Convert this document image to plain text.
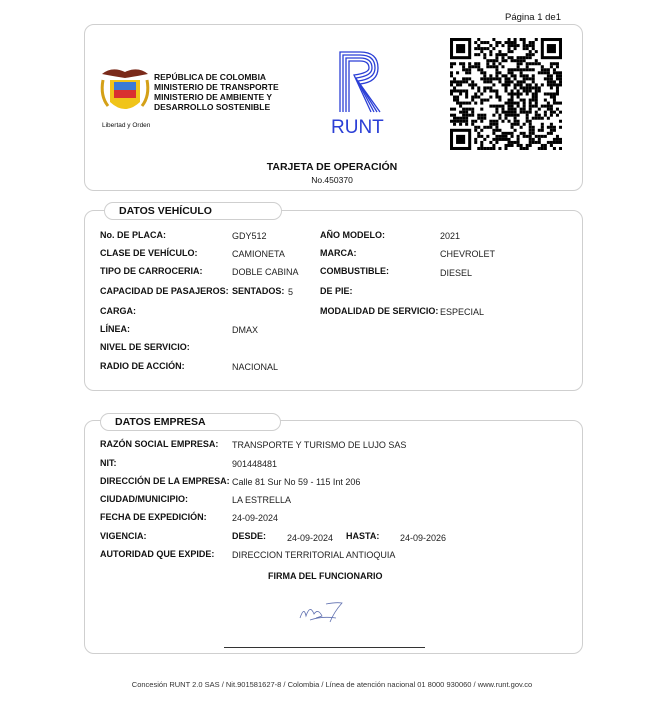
Página 1 de1
Libertad y Orden
REPÚBLICA DE COLOMBIA
MINISTERIO DE TRANSPORTE
MINISTERIO DE AMBIENTE Y
DESARROLLO SOSTENIBLE
RUNT
TARJETA DE OPERACIÓN
No.450370
DATOS VEHÍCULO
No. DE PLACA:	GDY512	AÑO MODELO:	2021
CLASE DE VEHÍCULO:	CAMIONETA	MARCA:	CHEVROLET
TIPO DE CARROCERIA:	DOBLE CABINA COMBUSTIBLE:	DIESEL
CAPACIDAD DE PASAJEROS: SENTADOS: 5	DE PIE:
CARGA:	MODALIDAD DE SERVICIO: ESPECIAL
LÍNEA:	DMAX
NIVEL DE SERVICIO:
RADIO DE ACCIÓN:	NACIONAL
DATOS EMPRESA
RAZÓN SOCIAL EMPRESA: TRANSPORTE Y TURISMO DE LUJO SAS
NIT:	901448481
DIRECCIÓN DE LA EMPRESA: Calle 81 Sur No 59 - 115 Int 206
CIUDAD/MUNICIPIO:	LA ESTRELLA
FECHA DE EXPEDICIÓN:	24-09-2024
VIGENCIA:	DESDE: 24-09-2024 HASTA: 24-09-2026
AUTORIDAD QUE EXPIDE: DIRECCION TERRITORIAL ANTIOQUIA
FIRMA DEL FUNCIONARIO
Concesión RUNT 2.0 SAS / Nit.901581627-8 / Colombia / Línea de atención nacional 01 8000 930060 / www.runt.gov.co
